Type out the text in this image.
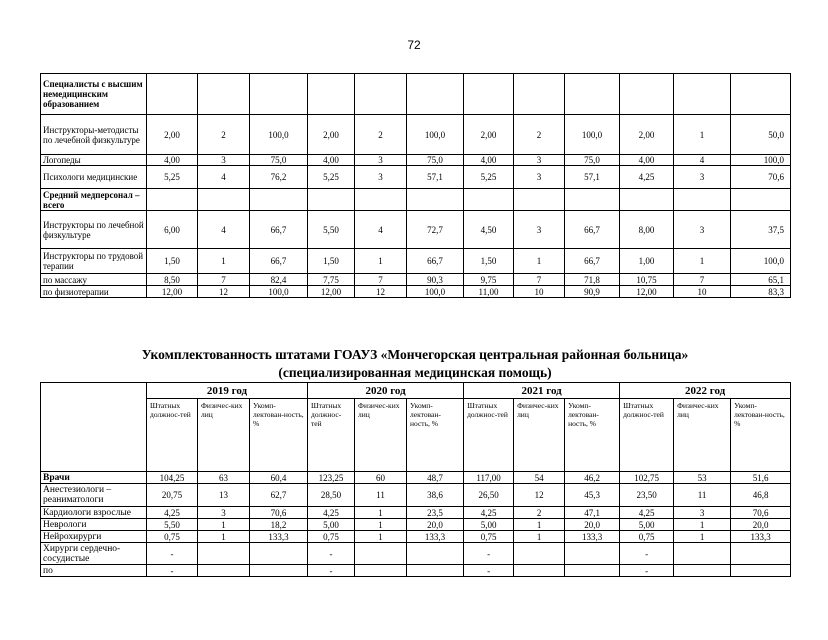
72
Специалисты с высшим немедицинским образованием												
Инструкторы-методисты по лечебной физкультуре	2,00	2	100,0	2,00	2	100,0	2,00	2	100,0	2,00	1	50,0
Логопеды	4,00	3	75,0	4,00	3	75,0	4,00	3	75,0	4,00	4	100,0
Психологи медицинские	5,25	4	76,2	5,25	3	57,1	5,25	3	57,1	4,25	3	70,6
Средний медперсонал – всего												
Инструкторы по лечебной физкультуре	6,00	4	66,7	5,50	4	72,7	4,50	3	66,7	8,00	3	37,5
Инструкторы по трудовой терапии	1,50	1	66,7	1,50	1	66,7	1,50	1	66,7	1,00	1	100,0
по массажу	8,50	7	82,4	7,75	7	90,3	9,75	7	71,8	10,75	7	65,1
по физиотерапии	12,00	12	100,0	12,00	12	100,0	11,00	10	90,9	12,00	10	83,3
Укомплектованность штатами ГОАУЗ «Мончегорская центральная районная больница»
(специализированная медицинская помощь)
	2019 год			2020 год			2021 год			2022 год		
	Штатных должнос-тей	Физичес-ких лиц	Укомп-лектован-ность, %	Штатных должнос-тей	Физичес-ких лиц	Укомп-лектован-ность, %	Штатных должнос-тей	Физичес-ких лиц	Укомп-лектован-ность, %	Штатных должнос-тей	Физичес-ких лиц	Укомп-лектован-ность, %
Врачи	104,25	63	60,4	123,25	60	48,7	117,00	54	46,2	102,75	53	51,6
Анестезиологи – реаниматологи	20,75	13	62,7	28,50	11	38,6	26,50	12	45,3	23,50	11	46,8
Кардиологи взрослые	4,25	3	70,6	4,25	1	23,5	4,25	2	47,1	4,25	3	70,6
Неврологи	5,50	1	18,2	5,00	1	20,0	5,00	1	20,0	5,00	1	20,0
Нейрохирурги	0,75	1	133,3	0,75	1	133,3	0,75	1	133,3	0,75	1	133,3
Хирурги сердечно-сосудистые	-			-			-			-		
по	-			-			-			-		
